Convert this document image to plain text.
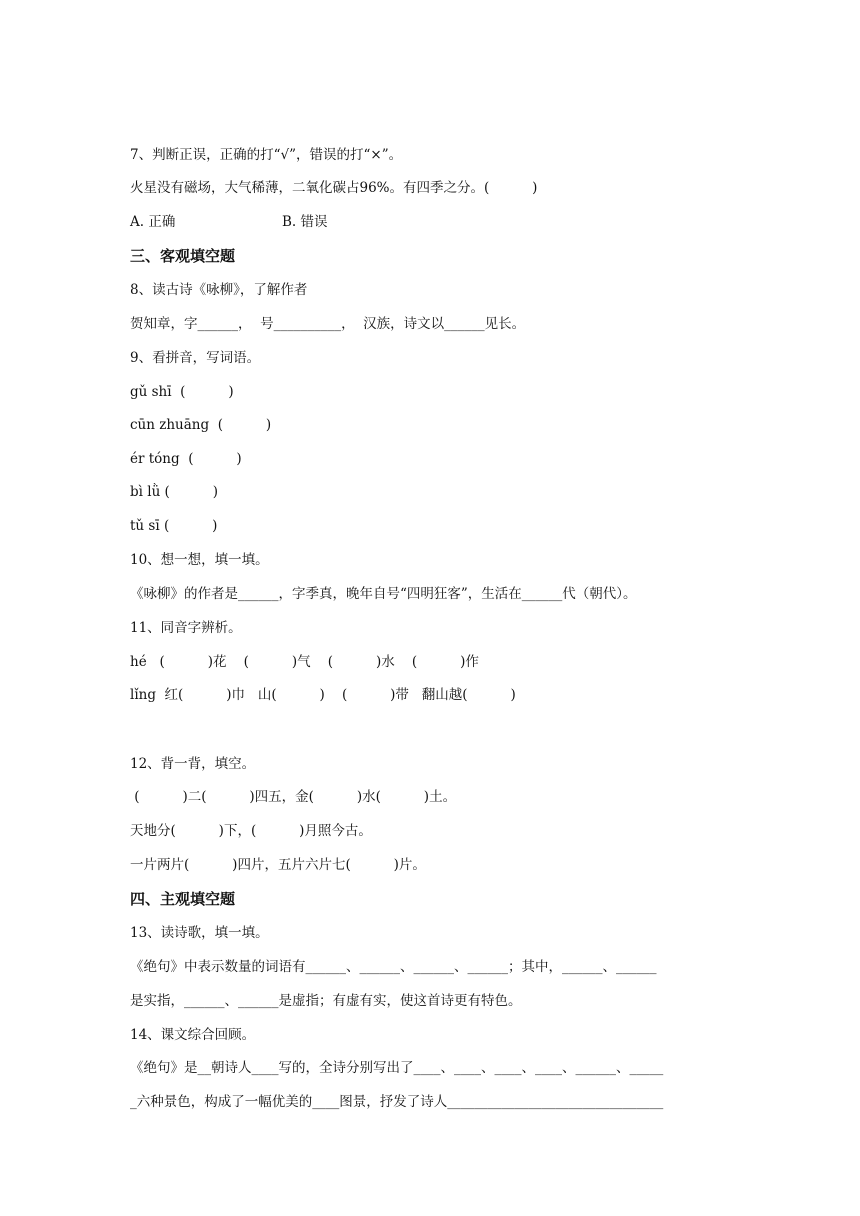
7、判断正误，正确的打“√”，错误的打“×”。
火星没有磁场，大气稀薄，二氧化碳占96%。有四季之分。(          )
A. 正确	B. 错误
三、客观填空题
8、读古诗《咏柳》，了解作者
贺知章，字______，  号__________，  汉族，诗文以______见长。
9、看拼音，写词语。
gǔ shī  (          )
cūn zhuāng  (          )
ér tóng  (          )
bì lǜ (          )
tǔ sī (          )
10、想一想，填一填。
《咏柳》的作者是______，字季真，晚年自号“四明狂客”，生活在______代（朝代）。
11、同音字辨析。
hé   (          )花    (          )气    (          )水    (          )作
lǐng  红(          )巾   山(          )    (          )带   翻山越(          )
12、背一背，填空。
(          )二(          )四五，金(          )水(          )土。
天地分(          )下，(          )月照今古。
一片两片(          )四片，五片六片七(          )片。
四、主观填空题
13、读诗歌，填一填。
《绝句》中表示数量的词语有______、______、______、______；其中，______、______
是实指，______、______是虚指；有虚有实，使这首诗更有特色。
14、课文综合回顾。
《绝句》是__朝诗人____写的，全诗分别写出了____、____、____、____、______、_____
_六种景色，构成了一幅优美的____图景，抒发了诗人________________________________
